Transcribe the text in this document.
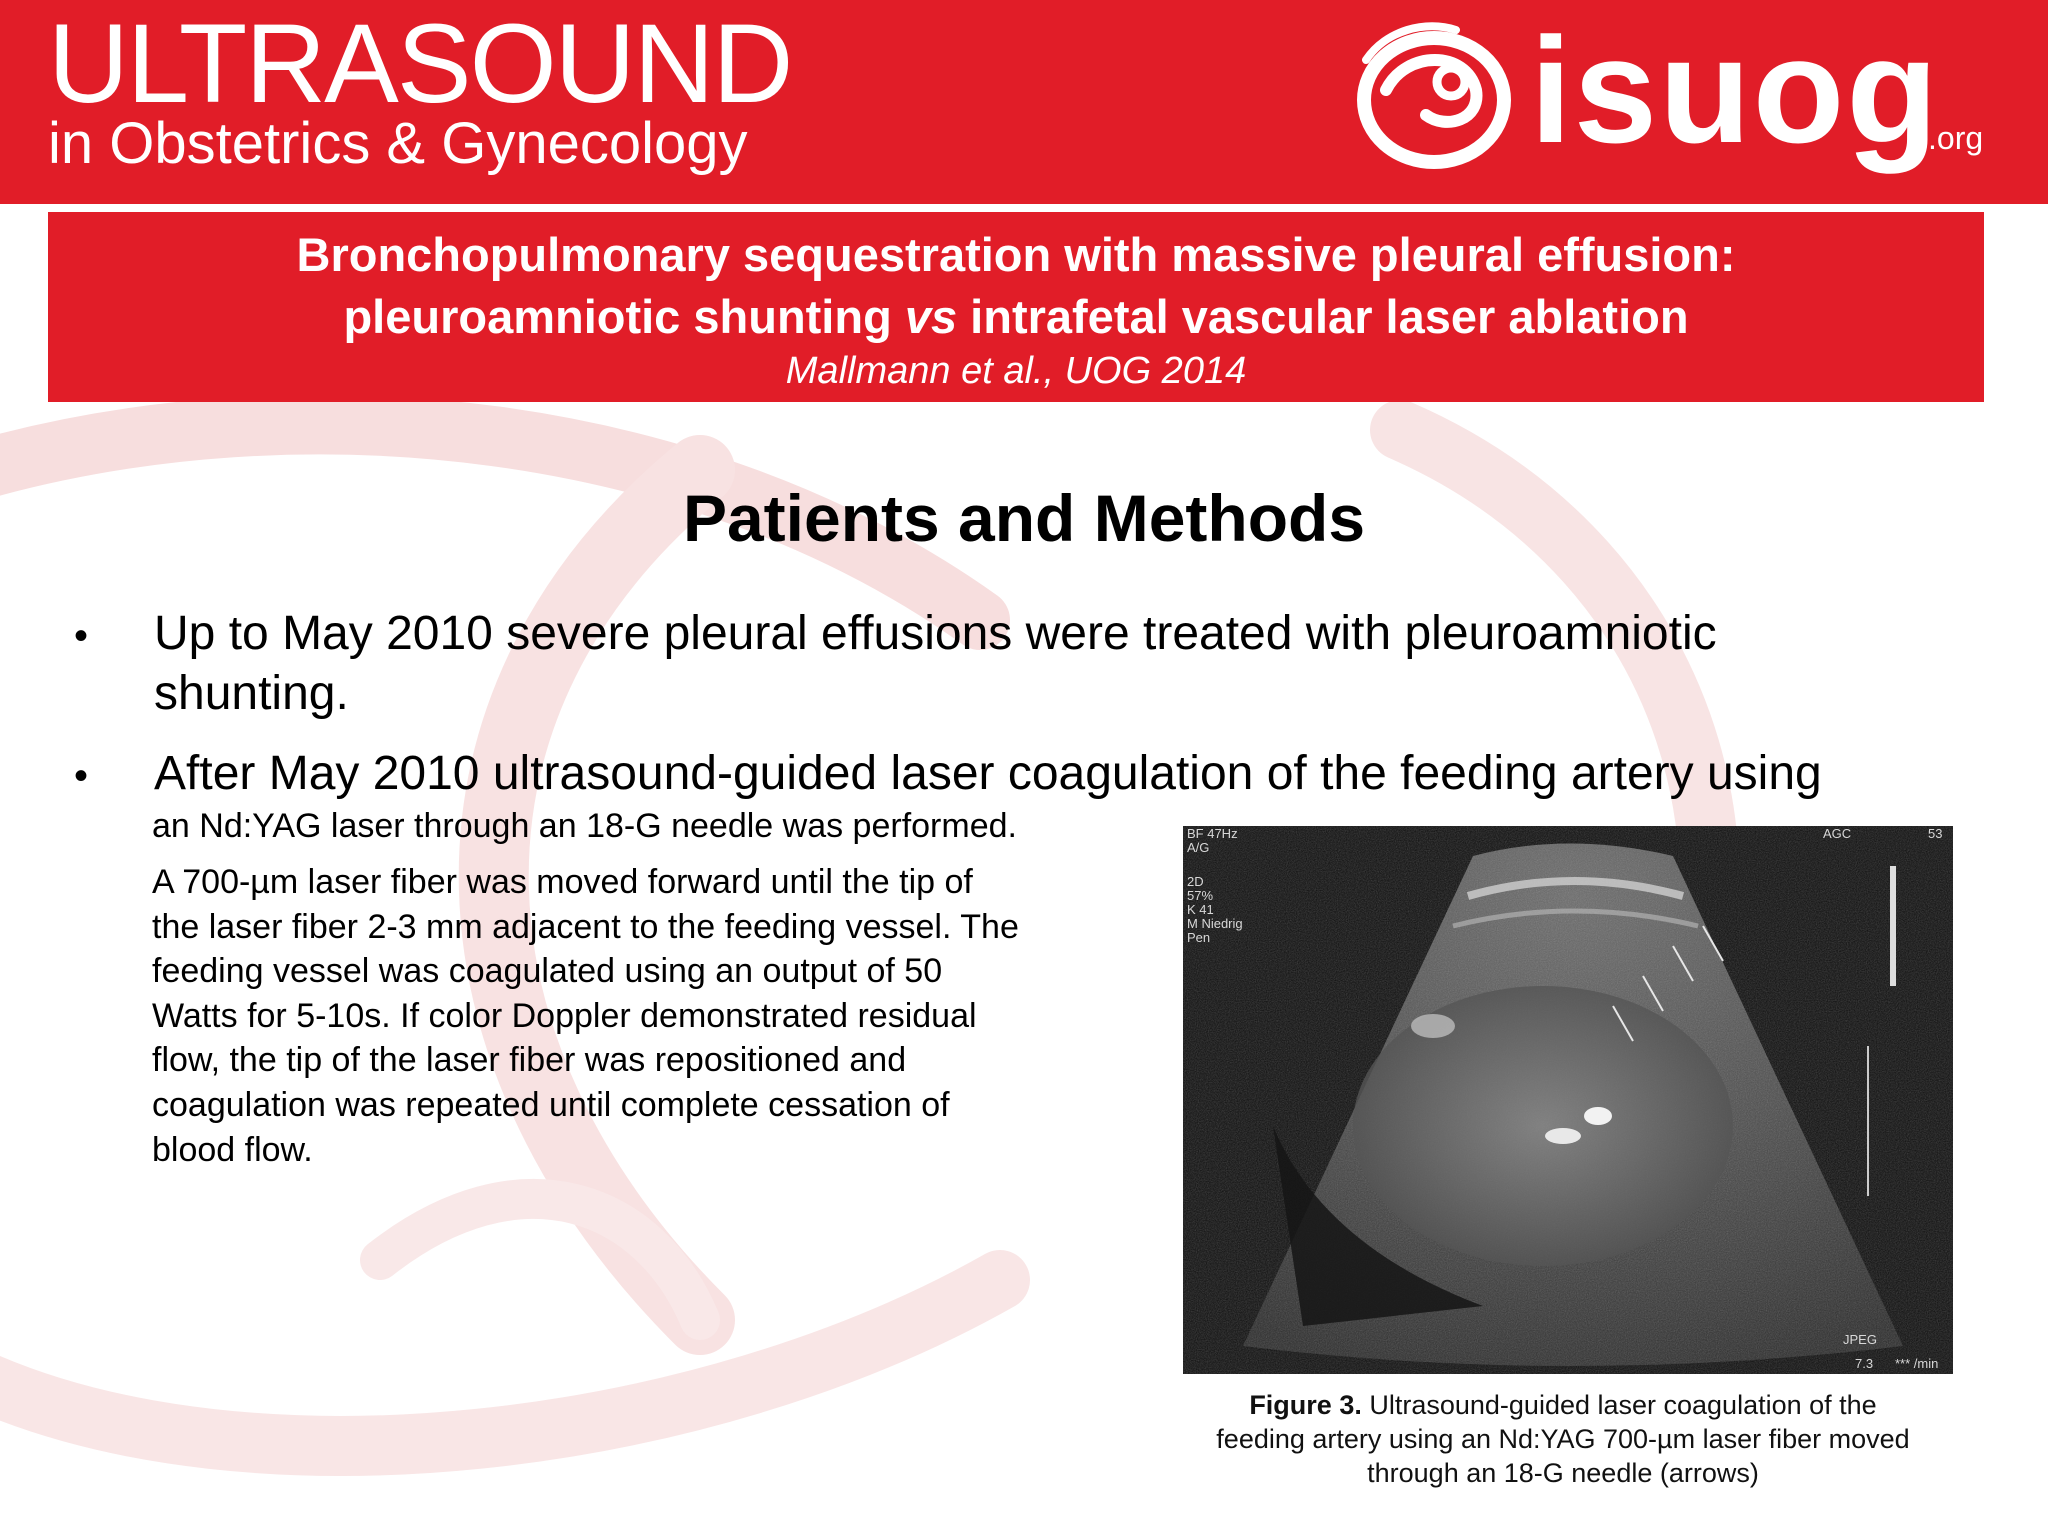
ULTRASOUND
in Obstetrics & Gynecology	isuog
.org
Bronchopulmonary sequestration with massive pleural effusion:
pleuroamniotic shunting vs intrafetal vascular laser ablation
Mallmann et al., UOG 2014
Patients and Methods
• Up to May 2010 severe pleural effusions were treated with pleuroamniotic
shunting.
• After May 2010 ultrasound-guided laser coagulation of the feeding artery using
an Nd:YAG laser through an 18-G needle was performed.
A 700-µm laser fiber was moved forward until the tip of
the laser fiber 2-3 mm adjacent to the feeding vessel. The
feeding vessel was coagulated using an output of 50
Watts for 5-10s. If color Doppler demonstrated residual
flow, the tip of the laser fiber was repositioned and
coagulation was repeated until complete cessation of
blood flow.
BF 47Hz
A/G
2D
57%
K 41
M Niedrig
Pen
AGC	53
JPEG
7.3 *** /min
Figure 3. Ultrasound-guided laser coagulation of the
feeding artery using an Nd:YAG 700-µm laser fiber moved
through an 18-G needle (arrows)
